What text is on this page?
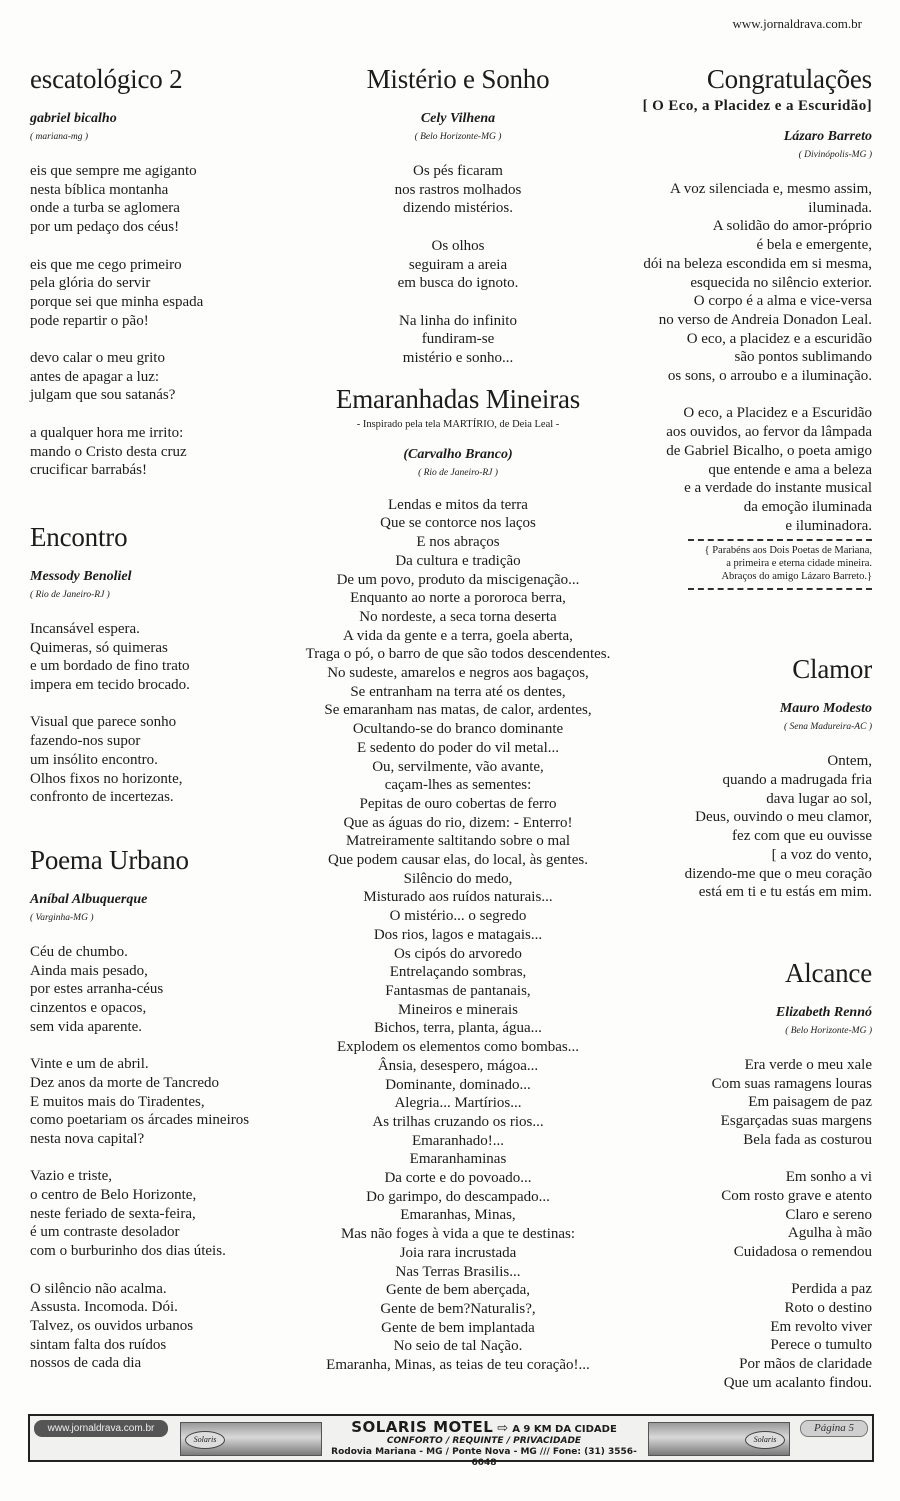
www.jornaldrava.com.br
escatológico 2
gabriel bicalho
( mariana-mg )
eis que sempre me agiganto
nesta bíblica montanha
onde a turba se aglomera
por um pedaço dos céus!
eis que me cego primeiro
pela glória do servir
porque sei que minha espada
pode repartir o pão!
devo calar o meu grito
antes de apagar a luz:
julgam que sou satanás?
a qualquer hora me irrito:
mando o Cristo desta cruz
crucificar barrabás!
Encontro
Messody Benoliel
( Rio de Janeiro-RJ )
Incansável espera.
Quimeras, só quimeras
e um bordado de fino trato
impera em tecido brocado.
Visual que parece sonho
fazendo-nos supor
um insólito encontro.
Olhos fixos no horizonte,
confronto de incertezas.
Poema Urbano
Aníbal Albuquerque
( Varginha-MG )
Céu de chumbo.
Ainda mais pesado,
por estes arranha-céus
cinzentos e opacos,
sem vida aparente.
Vinte e um de abril.
Dez anos da morte de Tancredo
E muitos mais do Tiradentes,
como poetariam os árcades mineiros
nesta nova capital?
Vazio e triste,
o centro de Belo Horizonte,
neste feriado de sexta-feira,
é um contraste desolador
com o burburinho dos dias úteis.
O silêncio não acalma.
Assusta. Incomoda. Dói.
Talvez, os ouvidos urbanos
sintam falta dos ruídos
nossos de cada dia
Mistério e Sonho
Cely Vilhena
( Belo Horizonte-MG )
Os pés ficaram
nos rastros molhados
dizendo mistérios.
Os olhos
seguiram a areia
em busca do ignoto.
Na linha do infinito
fundiram-se
mistério e sonho...
Emaranhadas Mineiras
- Inspirado pela tela MARTÍRIO, de Deia Leal -
(Carvalho Branco)
( Rio de Janeiro-RJ )
Lendas e mitos da terra
Que se contorce nos laços
E nos abraços
Da cultura e tradição
De um povo, produto da miscigenação...
Enquanto ao norte a pororoca berra,
No nordeste, a seca torna deserta
A vida da gente e a terra, goela aberta,
Traga o pó, o barro de que são todos descendentes.
No sudeste, amarelos e negros aos bagaços,
Se entranham na terra até os dentes,
Se emaranham nas matas, de calor, ardentes,
Ocultando-se do branco dominante
E sedento do poder do vil metal...
Ou, servilmente, vão avante,
caçam-lhes as sementes:
Pepitas de ouro cobertas de ferro
Que as águas do rio, dizem: - Enterro!
Matreiramente saltitando sobre o mal
Que podem causar elas, do local, às gentes.
Silêncio do medo,
Misturado aos ruídos naturais...
O mistério... o segredo
Dos rios, lagos e matagais...
Os cipós do arvoredo
Entrelaçando sombras,
Fantasmas de pantanais,
Mineiros e minerais
Bichos, terra, planta, água...
Explodem os elementos como bombas...
Ânsia, desespero, mágoa...
Dominante, dominado...
Alegria... Martírios...
As trilhas cruzando os rios...
Emaranhado!...
Emaranhaminas
Da corte e do povoado...
Do garimpo, do descampado...
Emaranhas, Minas,
Mas não foges à vida a que te destinas:
Joia rara incrustada
Nas Terras Brasilis...
Gente de bem aberçada,
Gente de bem?Naturalis?,
Gente de bem implantada
No seio de tal Nação.
Emaranha, Minas, as teias de teu coração!...
Congratulações
[ O Eco, a Placidez e a Escuridão]
Lázaro Barreto
( Divinópolis-MG )
A voz silenciada e, mesmo assim,
iluminada.
A solidão do amor-próprio
é bela e emergente,
dói na beleza escondida em si mesma,
esquecida no silêncio exterior.
O corpo é a alma e vice-versa
no verso de Andreia Donadon Leal.
O eco, a placidez e a escuridão
são pontos sublimando
os sons, o arroubo e a iluminação.
O eco, a Placidez e a Escuridão
aos ouvidos, ao fervor da lâmpada
de Gabriel Bicalho, o poeta amigo
que entende e ama a beleza
e a verdade do instante musical
da emoção iluminada
e iluminadora.
{ Parabéns aos Dois Poetas de Mariana,
a primeira e eterna cidade mineira.
Abraços do amigo Lázaro Barreto.}
Clamor
Mauro Modesto
( Sena Madureira-AC )
Ontem,
quando a madrugada fria
dava lugar ao sol,
Deus, ouvindo o meu clamor,
fez com que eu ouvisse
[ a voz do vento,
dizendo-me que o meu coração
está em ti e tu estás em mim.
Alcance
Elizabeth Rennó
( Belo Horizonte-MG )
Era verde o meu xale
Com suas ramagens louras
Em paisagem de paz
Esgarçadas suas margens
Bela fada as costurou
Em sonho a vi
Com rosto grave e atento
Claro e sereno
Agulha à mão
Cuidadosa o remendou
Perdida a paz
Roto o destino
Em revolto viver
Perece o tumulto
Por mãos de claridade
Que um acalanto findou.
www.jornaldrava.com.br
Solaris
SOLARIS MOTEL ⇨ A 9 KM DA CIDADE
CONFORTO / REQUINTE / PRIVACIDADE
Rodovia Mariana - MG / Ponte Nova - MG /// Fone: (31) 3556-6048
Solaris
Página 5
